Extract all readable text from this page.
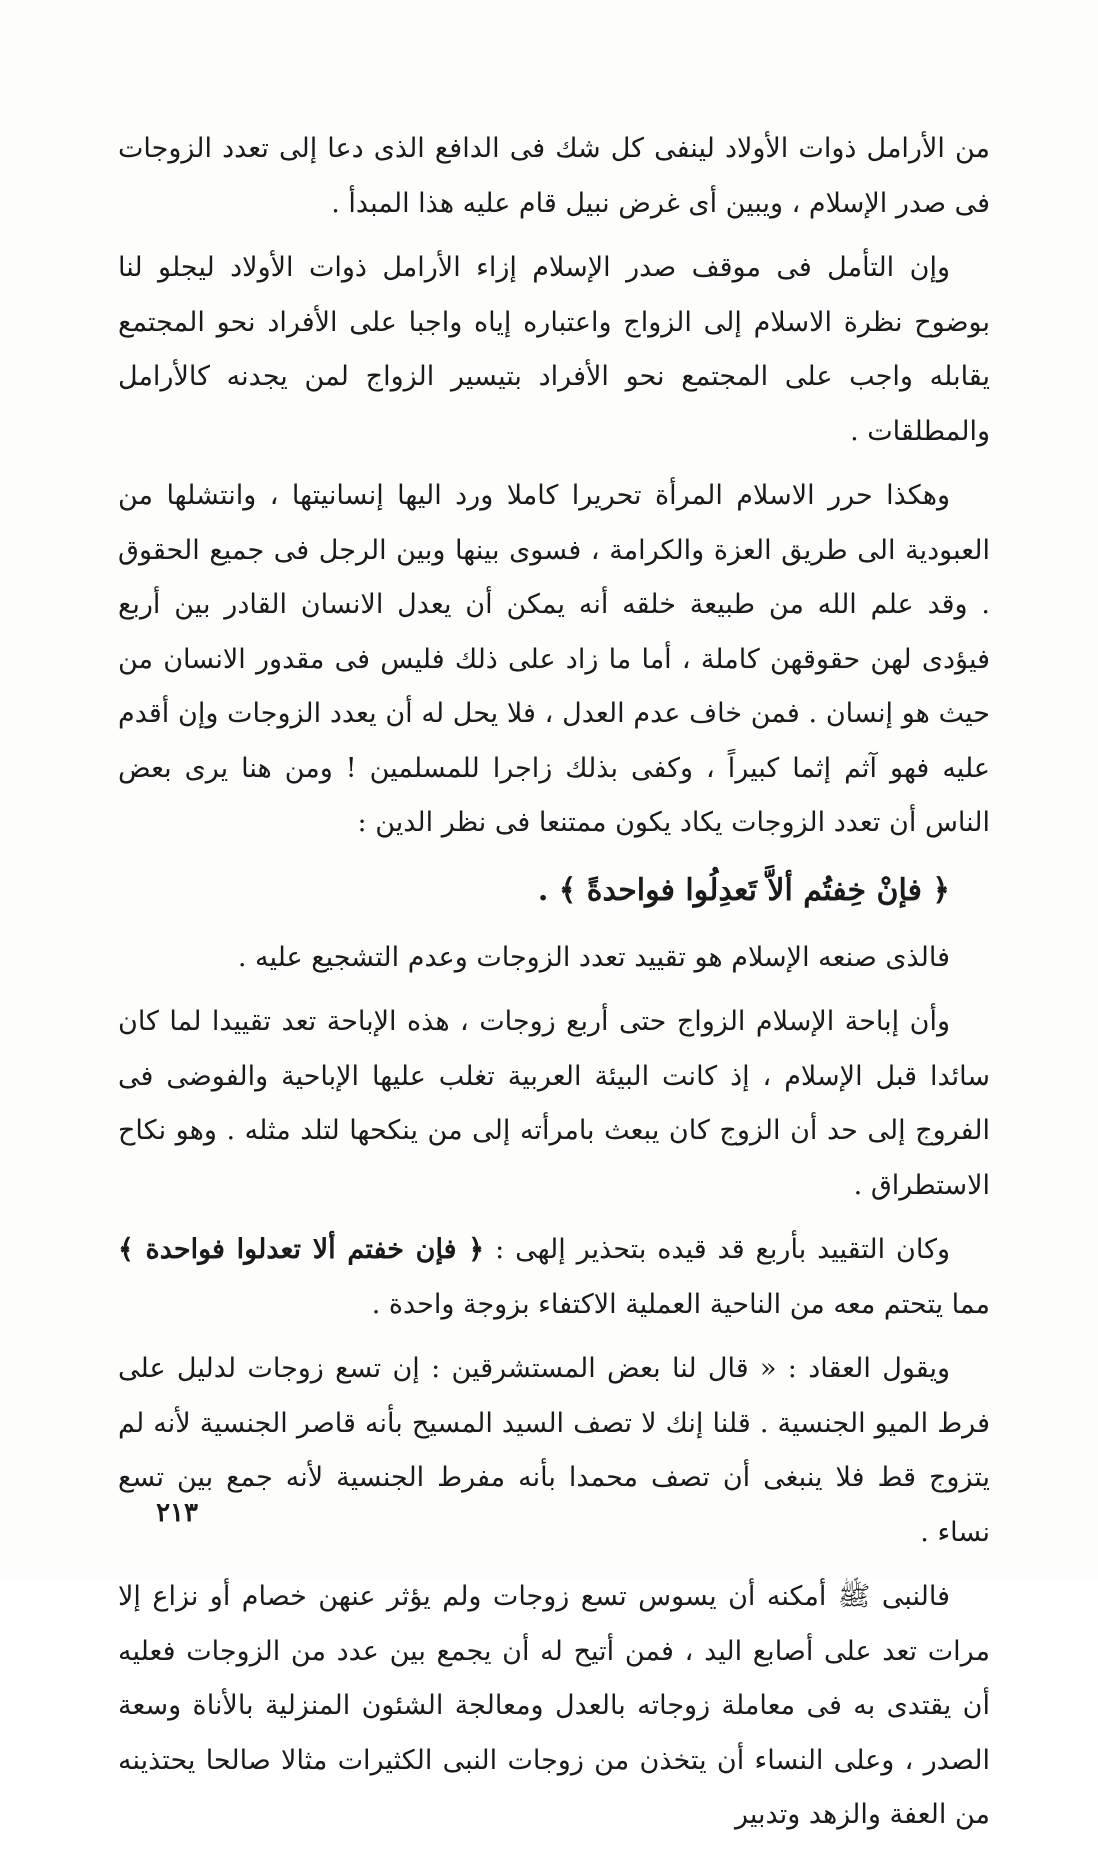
من الأرامل ذوات الأولاد لينفى كل شك فى الدافع الذى دعا إلى تعدد الزوجات فى صدر الإسلام ، ويبين أى غرض نبيل قام عليه هذا المبدأ .

وإن التأمل فى موقف صدر الإسلام إزاء الأرامل ذوات الأولاد ليجلو لنا بوضوح نظرة الاسلام إلى الزواج واعتباره إياه واجبا على الأفراد نحو المجتمع يقابله واجب على المجتمع نحو الأفراد بتيسير الزواج لمن يجدنه كالأرامل والمطلقات .

وهكذا حرر الاسلام المرأة تحريرا كاملا ورد اليها إنسانيتها ، وانتشلها من العبودية الى طريق العزة والكرامة ، فسوى بينها وبين الرجل فى جميع الحقوق . وقد علم الله من طبيعة خلقه أنه يمكن أن يعدل الانسان القادر بين أربع فيؤدى لهن حقوقهن كاملة ، أما ما زاد على ذلك فليس فى مقدور الانسان من حيث هو إنسان . فمن خاف عدم العدل ، فلا يحل له أن يعدد الزوجات وإن أقدم عليه فهو آثم إثما كبيراً ، وكفى بذلك زاجرا للمسلمين ! ومن هنا يرى بعض الناس أن تعدد الزوجات يكاد يكون ممتنعا فى نظر الدين :

﴿ فإنْ خِفتُم ألاَّ تَعدِلُوا فواحدةً ﴾ .

فالذى صنعه الإسلام هو تقييد تعدد الزوجات وعدم التشجيع عليه .

وأن إباحة الإسلام الزواج حتى أربع زوجات ، هذه الإباحة تعد تقييدا لما كان سائدا قبل الإسلام ، إذ كانت البيئة العربية تغلب عليها الإباحية والفوضى فى الفروج إلى حد أن الزوج كان يبعث بامرأته إلى من ينكحها لتلد مثله . وهو نكاح الاستطراق .

وكان التقييد بأربع قد قيده بتحذير إلهى : ﴿ فإن خفتم ألا تعدلوا فواحدة ﴾ مما يتحتم معه من الناحية العملية الاكتفاء بزوجة واحدة .

ويقول العقاد : « قال لنا بعض المستشرقين : إن تسع زوجات لدليل على فرط الميو الجنسية . قلنا إنك لا تصف السيد المسيح بأنه قاصر الجنسية لأنه لم يتزوج قط فلا ينبغى أن تصف محمدا بأنه مفرط الجنسية لأنه جمع بين تسع نساء .

فالنبى ﷺ أمكنه أن يسوس تسع زوجات ولم يؤثر عنهن خصام أو نزاع إلا مرات تعد على أصابع اليد ، فمن أتيح له أن يجمع بين عدد من الزوجات فعليه أن يقتدى به فى معاملة زوجاته بالعدل ومعالجة الشئون المنزلية بالأناة وسعة الصدر ، وعلى النساء أن يتخذن من زوجات النبى الكثيرات مثالا صالحا يحتذينه من العفة والزهد وتدبير

٢١٣
